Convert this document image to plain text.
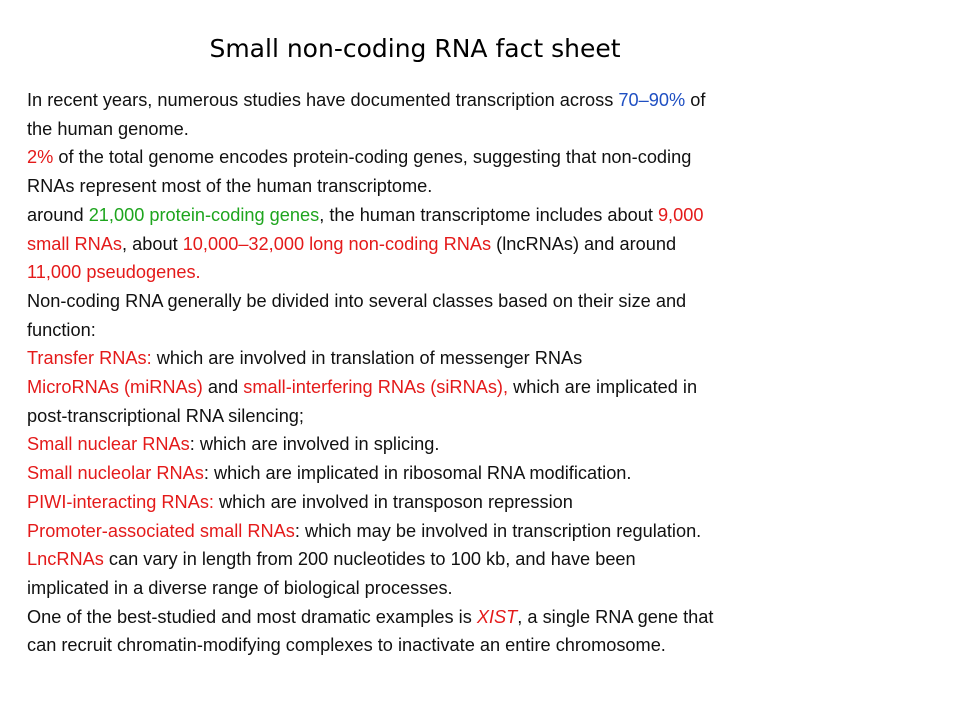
Small non-coding RNA fact sheet

In recent years, numerous studies have documented transcription across 70–90% of

the human genome.

2% of the total genome encodes protein-coding genes, suggesting that non-coding

RNAs represent most of the human transcriptome.

around 21,000 protein-coding genes, the human transcriptome includes about 9,000

small RNAs, about 10,000–32,000 long non-coding RNAs (lncRNAs) and around

11,000 pseudogenes.

Non-coding RNA generally be divided into several classes based on their size and

function:

Transfer RNAs: which are involved in translation of messenger RNAs

MicroRNAs (miRNAs) and small-interfering RNAs (siRNAs), which are implicated in

post-transcriptional RNA silencing;

Small nuclear RNAs: which are involved in splicing.

Small nucleolar RNAs: which are implicated in ribosomal RNA modification.

PIWI-interacting RNAs: which are involved in transposon repression

Promoter-associated small RNAs: which may be involved in transcription regulation.

LncRNAs can vary in length from 200 nucleotides to 100 kb, and have been

implicated in a diverse range of biological processes.

One of the best-studied and most dramatic examples is XIST, a single RNA gene that

can recruit chromatin-modifying complexes to inactivate an entire chromosome.
